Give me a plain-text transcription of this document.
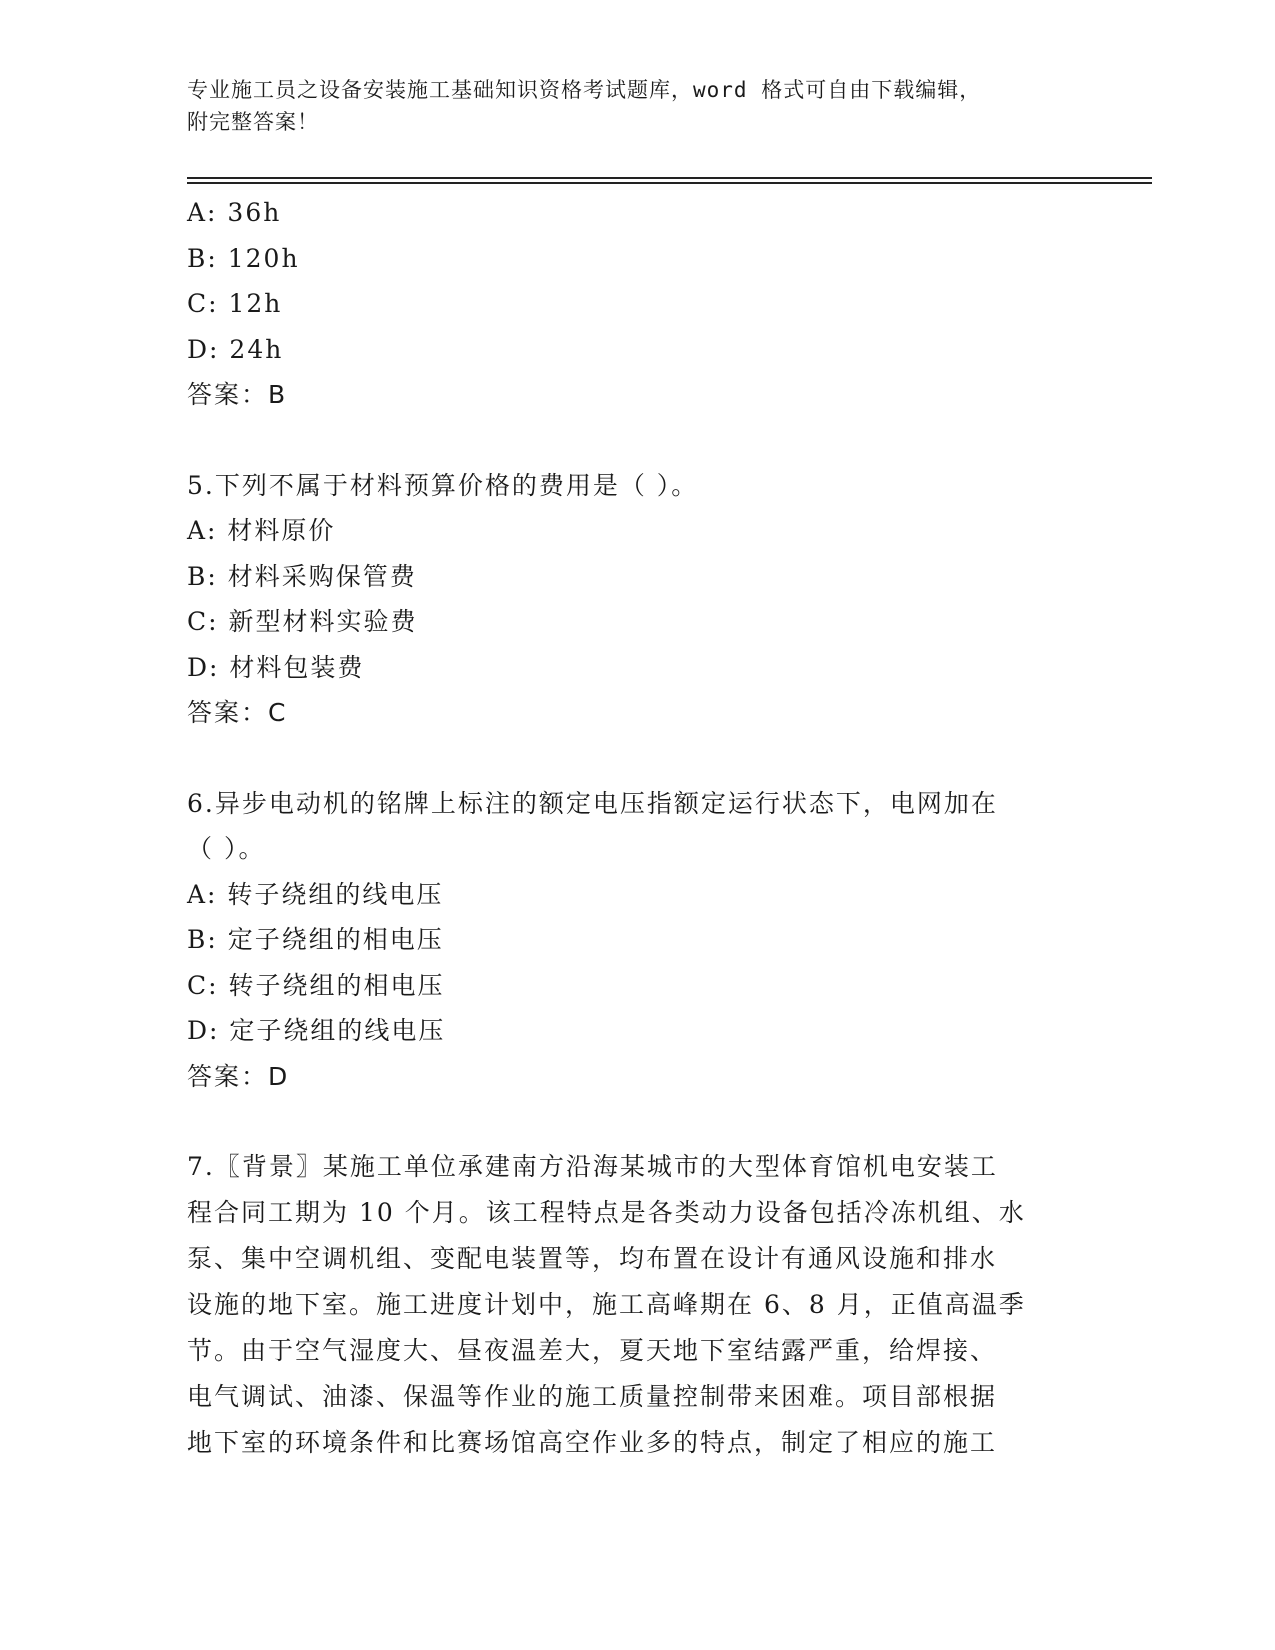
专业施工员之设备安装施工基础知识资格考试题库，word 格式可自由下载编辑，
附完整答案！
A: 36h
B: 120h
C: 12h
D: 24h
答案：B
5.下列不属于材料预算价格的费用是（ ）。
A: 材料原价
B: 材料采购保管费
C: 新型材料实验费
D: 材料包装费
答案：C
6.异步电动机的铭牌上标注的额定电压指额定运行状态下，电网加在
（ ）。
A: 转子绕组的线电压
B: 定子绕组的相电压
C: 转子绕组的相电压
D: 定子绕组的线电压
答案：D
7.〖背景〗某施工单位承建南方沿海某城市的大型体育馆机电安装工
程合同工期为 10 个月。该工程特点是各类动力设备包括冷冻机组、水
泵、集中空调机组、变配电装置等，均布置在设计有通风设施和排水
设施的地下室。施工进度计划中，施工高峰期在 6、8 月，正值高温季
节。由于空气湿度大、昼夜温差大，夏天地下室结露严重，给焊接、
电气调试、油漆、保温等作业的施工质量控制带来困难。项目部根据
地下室的环境条件和比赛场馆高空作业多的特点，制定了相应的施工
